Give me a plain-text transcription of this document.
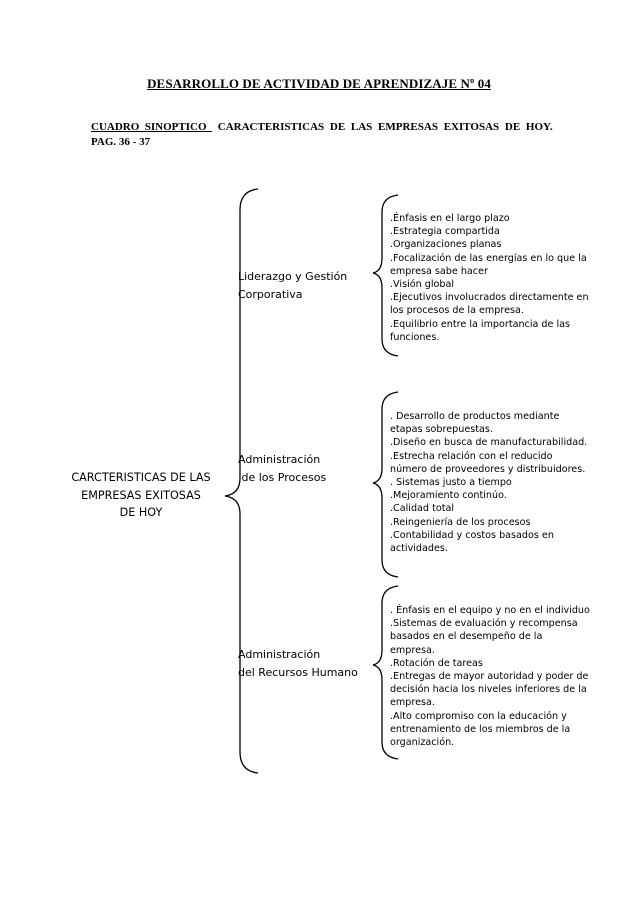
DESARROLLO DE ACTIVIDAD DE APRENDIZAJE Nº 04
CUADRO  SINOPTICO   CARACTERISTICAS DE LAS EMPRESAS EXITOSAS DE HOY.
PAG. 36 - 37
CARCTERISTICAS DE LAS
EMPRESAS EXITOSAS
DE HOY
Liderazgo y Gestión
Corporativa
.Énfasis en el largo plazo
.Estrategia compartida
.Organizaciones planas
.Focalización de las energías en lo que la empresa sabe hacer
.Visión global
.Ejecutivos involucrados directamente en los procesos de la empresa.
.Equilibrio entre la importancia de las funciones.
Administración
de los Procesos
. Desarrollo de productos mediante etapas sobrepuestas.
.Diseño en busca de manufacturabilidad.
.Estrecha relación con el reducido número de proveedores y distribuidores.
. Sistemas justo a tiempo
.Mejoramiento continúo.
.Calidad total
.Reingeniería de los procesos
.Contabilidad y costos basados en actividades.
Administración
del Recursos Humano
. Énfasis en el equipo y no en el individuo
.Sistemas de evaluación y recompensa basados en el desempeño de la empresa.
.Rotación de tareas
.Entregas de mayor autoridad y poder de decisión hacia los niveles inferiores de la empresa.
.Alto compromiso con la educación y entrenamiento de los miembros de la organización.
